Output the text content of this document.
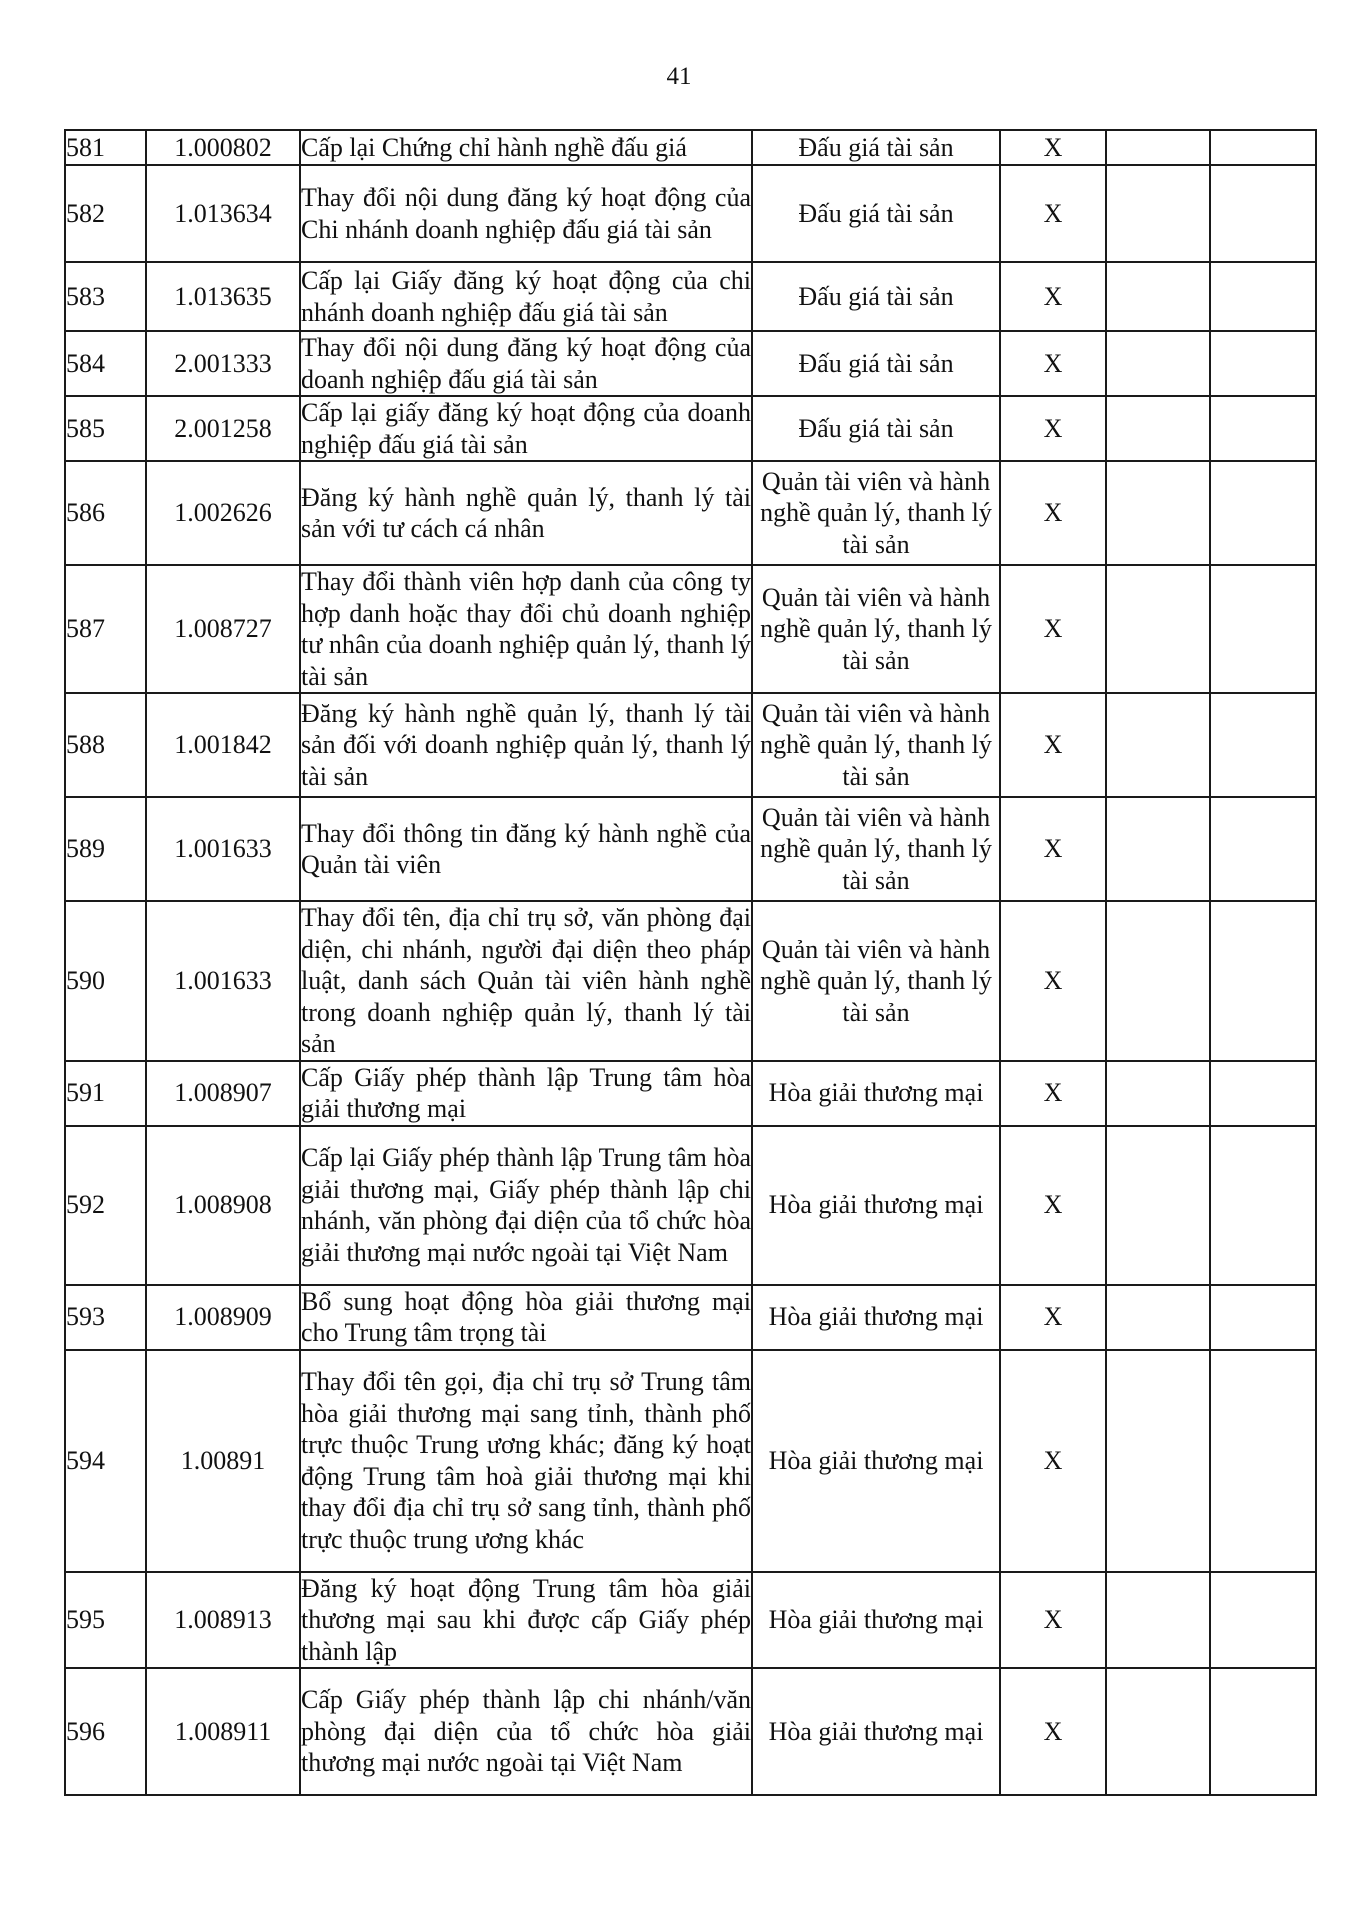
41
581	1.000802	Cấp lại Chứng chỉ hành nghề đấu giá	Đấu giá tài sản	X		
582	1.013634	Thay đổi nội dung đăng ký hoạt động của Chi nhánh doanh nghiệp đấu giá tài sản	Đấu giá tài sản	X		
583	1.013635	Cấp lại Giấy đăng ký hoạt động của chi nhánh doanh nghiệp đấu giá tài sản	Đấu giá tài sản	X		
584	2.001333	Thay đổi nội dung đăng ký hoạt động của doanh nghiệp đấu giá tài sản	Đấu giá tài sản	X		
585	2.001258	Cấp lại giấy đăng ký hoạt động của doanh nghiệp đấu giá tài sản	Đấu giá tài sản	X		
586	1.002626	Đăng ký hành nghề quản lý, thanh lý tài sản với tư cách cá nhân	Quản tài viên và hành nghề quản lý, thanh lý tài sản	X		
587	1.008727	Thay đổi thành viên hợp danh của công ty hợp danh hoặc thay đổi chủ doanh nghiệp tư nhân của doanh nghiệp quản lý, thanh lý tài sản	Quản tài viên và hành nghề quản lý, thanh lý tài sản	X		
588	1.001842	Đăng ký hành nghề quản lý, thanh lý tài sản đối với doanh nghiệp quản lý, thanh lý tài sản	Quản tài viên và hành nghề quản lý, thanh lý tài sản	X		
589	1.001633	Thay đổi thông tin đăng ký hành nghề của Quản tài viên	Quản tài viên và hành nghề quản lý, thanh lý tài sản	X		
590	1.001633	Thay đổi tên, địa chỉ trụ sở, văn phòng đại diện, chi nhánh, người đại diện theo pháp luật, danh sách Quản tài viên hành nghề trong doanh nghiệp quản lý, thanh lý tài sản	Quản tài viên và hành nghề quản lý, thanh lý tài sản	X		
591	1.008907	Cấp Giấy phép thành lập Trung tâm hòa giải thương mại	Hòa giải thương mại	X		
592	1.008908	Cấp lại Giấy phép thành lập Trung tâm hòa giải thương mại, Giấy phép thành lập chi nhánh, văn phòng đại diện của tổ chức hòa giải thương mại nước ngoài tại Việt Nam	Hòa giải thương mại	X		
593	1.008909	Bổ sung hoạt động hòa giải thương mại cho Trung tâm trọng tài	Hòa giải thương mại	X		
594	1.00891	Thay đổi tên gọi, địa chỉ trụ sở Trung tâm hòa giải thương mại sang tỉnh, thành phố trực thuộc Trung ương khác; đăng ký hoạt động Trung tâm hoà giải thương mại khi thay đổi địa chỉ trụ sở sang tỉnh, thành phố trực thuộc trung ương khác	Hòa giải thương mại	X		
595	1.008913	Đăng ký hoạt động Trung tâm hòa giải thương mại sau khi được cấp Giấy phép thành lập	Hòa giải thương mại	X		
596	1.008911	Cấp Giấy phép thành lập chi nhánh/văn phòng đại diện của tổ chức hòa giải thương mại nước ngoài tại Việt Nam	Hòa giải thương mại	X		
